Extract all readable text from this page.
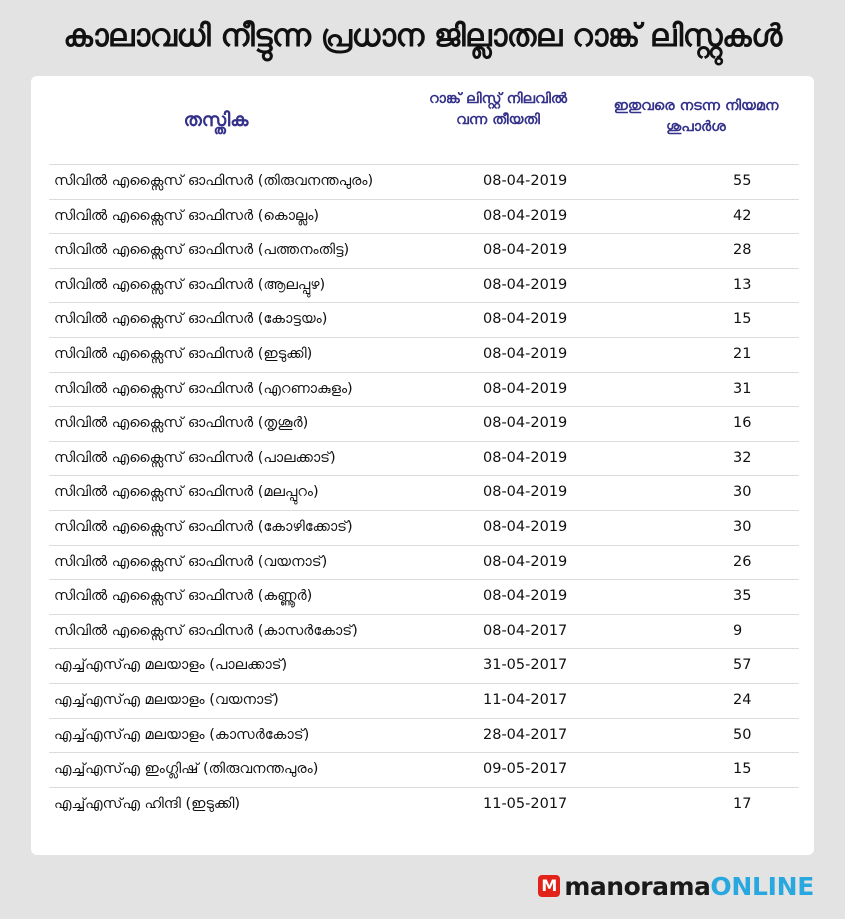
കാലാവധി നീട്ടുന്ന പ്രധാന ജില്ലാതല റാങ്ക് ലിസ്റ്റുകൾ
തസ്തിക
റാങ്ക് ലിസ്റ്റ് നിലവിൽ വന്ന തീയതി
ഇതുവരെ നടന്ന നിയമന ശുപാർശ
സിവിൽ എക്സൈസ് ഓഫിസർ (തിരുവനന്തപുരം)	08-04-2019	55
സിവിൽ എക്സൈസ് ഓഫിസർ (കൊല്ലം)	08-04-2019	42
സിവിൽ എക്സൈസ് ഓഫിസർ (പത്തനംതിട്ട)	08-04-2019	28
സിവിൽ എക്സൈസ് ഓഫിസർ (ആലപ്പുഴ)	08-04-2019	13
സിവിൽ എക്സൈസ് ഓഫിസർ (കോട്ടയം)	08-04-2019	15
സിവിൽ എക്സൈസ് ഓഫിസർ (ഇടുക്കി)	08-04-2019	21
സിവിൽ എക്സൈസ് ഓഫിസർ (എറണാകുളം)	08-04-2019	31
സിവിൽ എക്സൈസ് ഓഫിസർ (തൃശൂർ)	08-04-2019	16
സിവിൽ എക്സൈസ് ഓഫിസർ (പാലക്കാട്)	08-04-2019	32
സിവിൽ എക്സൈസ് ഓഫിസർ (മലപ്പുറം)	08-04-2019	30
സിവിൽ എക്സൈസ് ഓഫിസർ (കോഴിക്കോട്)	08-04-2019	30
സിവിൽ എക്സൈസ് ഓഫിസർ (വയനാട്)	08-04-2019	26
സിവിൽ എക്സൈസ് ഓഫിസർ (കണ്ണൂർ)	08-04-2019	35
സിവിൽ എക്സൈസ് ഓഫിസർ (കാസർകോട്)	08-04-2017	9
എച്ച്എസ്എ മലയാളം (പാലക്കാട്)	31-05-2017	57
എച്ച്എസ്എ മലയാളം (വയനാട്)	11-04-2017	24
എച്ച്എസ്എ മലയാളം (കാസർകോട്)	28-04-2017	50
എച്ച്എസ്എ ഇംഗ്ലിഷ് (തിരുവനന്തപുരം)	09-05-2017	15
എച്ച്എസ്എ ഹിന്ദി (ഇടുക്കി)	11-05-2017	17
M manorama ONLINE
